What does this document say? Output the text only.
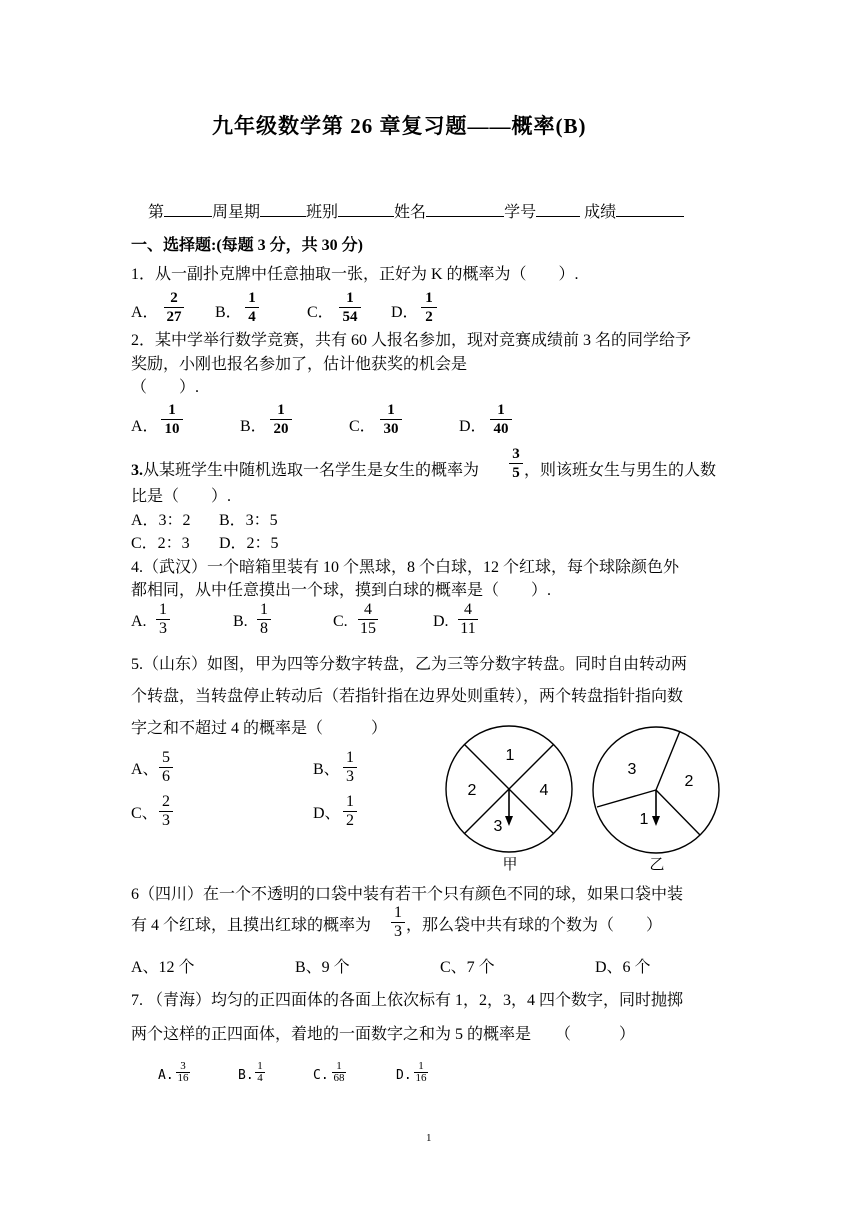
九年级数学第 26 章复习题——概率(B)
第	周星期	班别	姓名	学号	成绩
一、选择题:(每题 3 分，共 30 分)
1．从一副扑克牌中任意抽取一张，正好为 K 的概率为（　　）.
A．
2
27 B．
1
4	C．
1
54 D．
1
2
2．某中学举行数学竞赛，共有 60 人报名参加，现对竞赛成绩前 3 名的同学给予
奖励，小刚也报名参加了，估计他获奖的机会是
（　　）.
A．
1
10	B．
1
20	C．
1
30	D．
1
40
3.从某班学生中随机选取一名学生是女生的概率为
3
5 ，则该班女生与男生的人数
比是（　　）.
A．3：2 B．3：5
C．2：3 D．2：5
4.（武汉）一个暗箱里装有 10 个黑球，8 个白球，12 个红球，每个球除颜色外
都相同，从中任意摸出一个球，摸到白球的概率是（　　）.
A.
1
3	B.
1
8	C.
4
15	D.
4
11
5.（山东）如图，甲为四等分数字转盘，乙为三等分数字转盘。同时自由转动两
个转盘，当转盘停止转动后（若指针指在边界处则重转），两个转盘指针指向数
字之和不超过 4 的概率是（　　　）
A、
5
6	B、
1
3
C、
2
3	D、
1
2
1
2	4
3
3
2
1
甲	乙
6（四川）在一个不透明的口袋中装有若干个只有颜色不同的球，如果口袋中装
有 4 个红球，且摸出红球的概率为
1
3 ，那么袋中共有球的个数为（　　）
A、12 个	B、9 个	C、7 个	D、6 个
7. （青海）均匀的正四面体的各面上依次标有 1，2，3，4 四个数字，同时抛掷
两个这样的正四面体，着地的一面数字之和为 5 的概率是　　（　　　）
A.
3
16	B.
1
4	C.
1
68	D.
1
16
1
